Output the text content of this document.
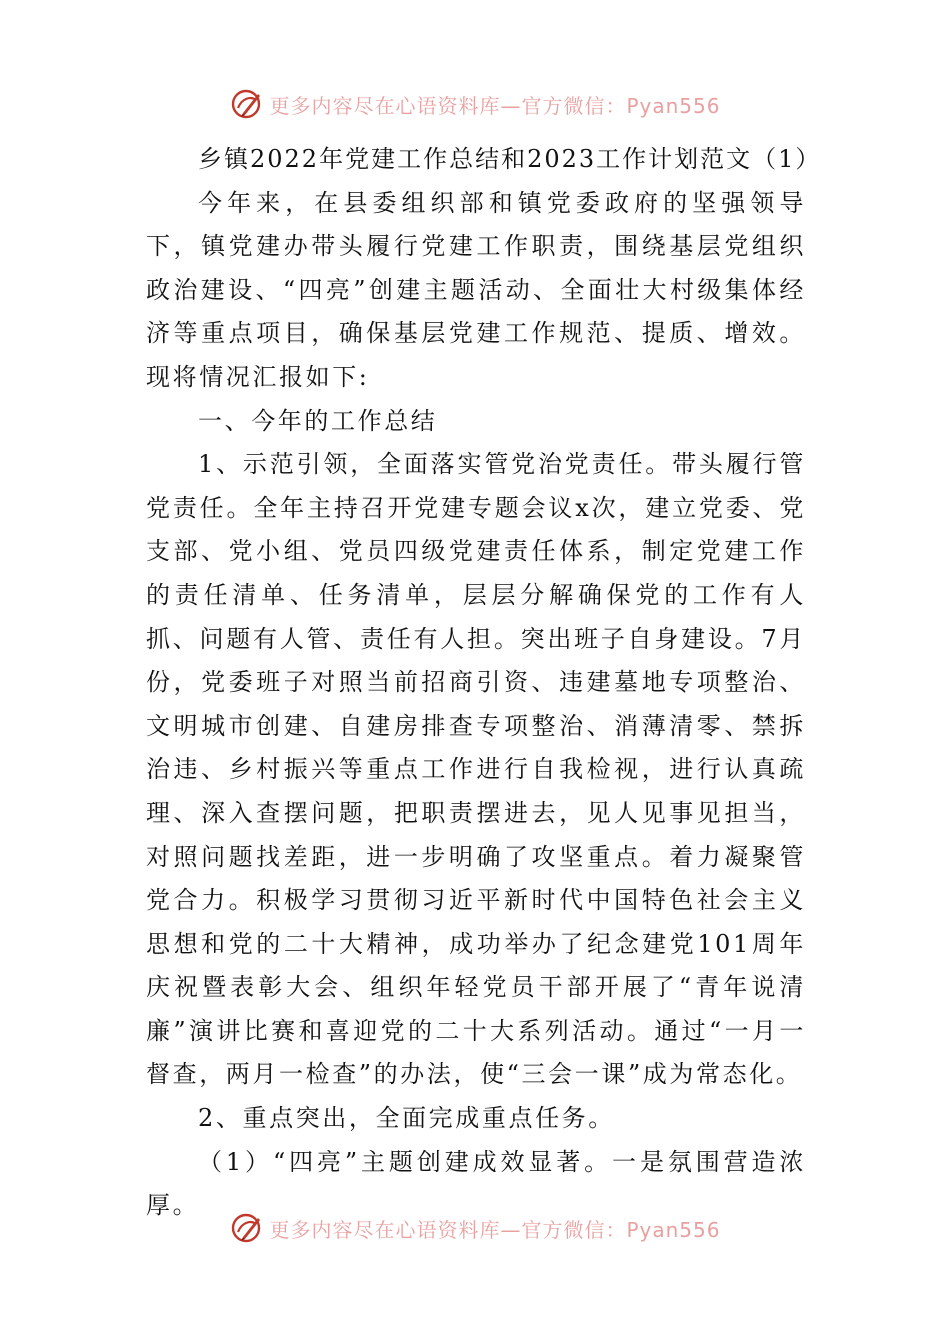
更多内容尽在心语资料库—官方微信：Pyan556

乡镇2022年党建工作总结和2023工作计划范文（1）

今年来，在县委组织部和镇党委政府的坚强领导下，镇党建办带头履行党建工作职责，围绕基层党组织政治建设、“四亮”创建主题活动、全面壮大村级集体经济等重点项目，确保基层党建工作规范、提质、增效。现将情况汇报如下:

一、今年的工作总结

1、示范引领，全面落实管党治党责任。带头履行管党责任。全年主持召开党建专题会议x次，建立党委、党支部、党小组、党员四级党建责任体系，制定党建工作的责任清单、任务清单，层层分解确保党的工作有人抓、问题有人管、责任有人担。突出班子自身建设。7月份，党委班子对照当前招商引资、违建墓地专项整治、文明城市创建、自建房排查专项整治、消薄清零、禁拆治违、乡村振兴等重点工作进行自我检视，进行认真疏理、深入查摆问题，把职责摆进去，见人见事见担当，对照问题找差距，进一步明确了攻坚重点。着力凝聚管党合力。积极学习贯彻习近平新时代中国特色社会主义思想和党的二十大精神，成功举办了纪念建党101周年庆祝暨表彰大会、组织年轻党员干部开展了“青年说清廉”演讲比赛和喜迎党的二十大系列活动。通过“一月一督查，两月一检查”的办法，使“三会一课”成为常态化。

2、重点突出，全面完成重点任务。

（1）“四亮”主题创建成效显著。一是氛围营造浓厚。

更多内容尽在心语资料库—官方微信：Pyan556
